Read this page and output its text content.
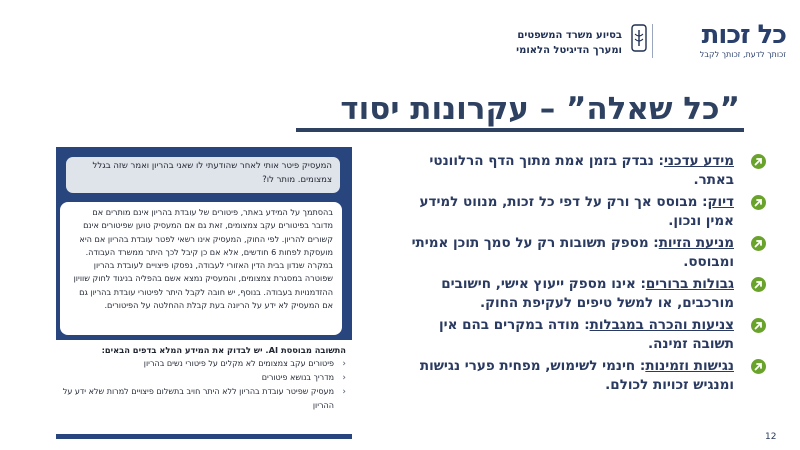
כל זכות
זכותך לדעת, זכותך לקבל
בסיוע משרד המשפטים
ומערך הדיגיטל הלאומי
”כל שאלה” – עקרונות יסוד
המעסיק פיטר אותי לאחר שהודעתי לו שאני בהריון ואמר שזה בגלל צמצומים. מותר לו?
בהסתמך על המידע באתר, פיטורים של עובדת בהריון אינם מותרים אם מדובר בפיטורים עקב צמצומים, זאת גם אם המעסיק טוען שפיטורים אינם קשורים להריון. לפי החוק, המעסיק אינו רשאי לפטר עובדת בהריון אם היא מועסקת לפחות 6 חודשים, אלא אם כן קיבל לכך היתר ממשרד העבודה. במקרה שנדון בבית הדין האזורי לעבודה, נפסקו פיצויים לעובדת בהריון שפוטרה במסגרת צמצומים, והמעסיק נמצא אשם בהפליה בניגוד לחוק שוויון ההזדמנויות בעבודה. בנוסף, יש חובה לקבל היתר לפיטורי עובדת בהריון גם אם המעסיק לא ידע על הריונה בעת קבלת ההחלטה על הפיטורים.
התשובה מבוססת AI. יש לבדוק את המידע המלא בדפים הבאים:
‹
פיטורים עקב צמצומים לא מקלים על פיטורי נשים בהריון
‹
מדריך בנושא פיטורים
‹
מעסיק שפיטר עובדת בהריון ללא היתר חויב בתשלום פיצויים למרות שלא ידע על ההריון
מידע עדכני: נבדק בזמן אמת מתוך הדף הרלוונטי באתר.
דיוק: מבוסס אך ורק על דפי כל זכות, מנווט למידע אמין ונכון.
מניעת הזיות: מספק תשובות רק על סמך תוכן אמיתי ומבוסס.
גבולות ברורים: אינו מספק ייעוץ אישי, חישובים מורכבים, או למשל טיפים לעקיפת החוק.
צניעות והכרה במגבלות: מודה במקרים בהם אין תשובה זמינה.
נגישות וזמינות: חינמי לשימוש, מפחית פערי נגישות ומנגיש זכויות לכולם.
12
